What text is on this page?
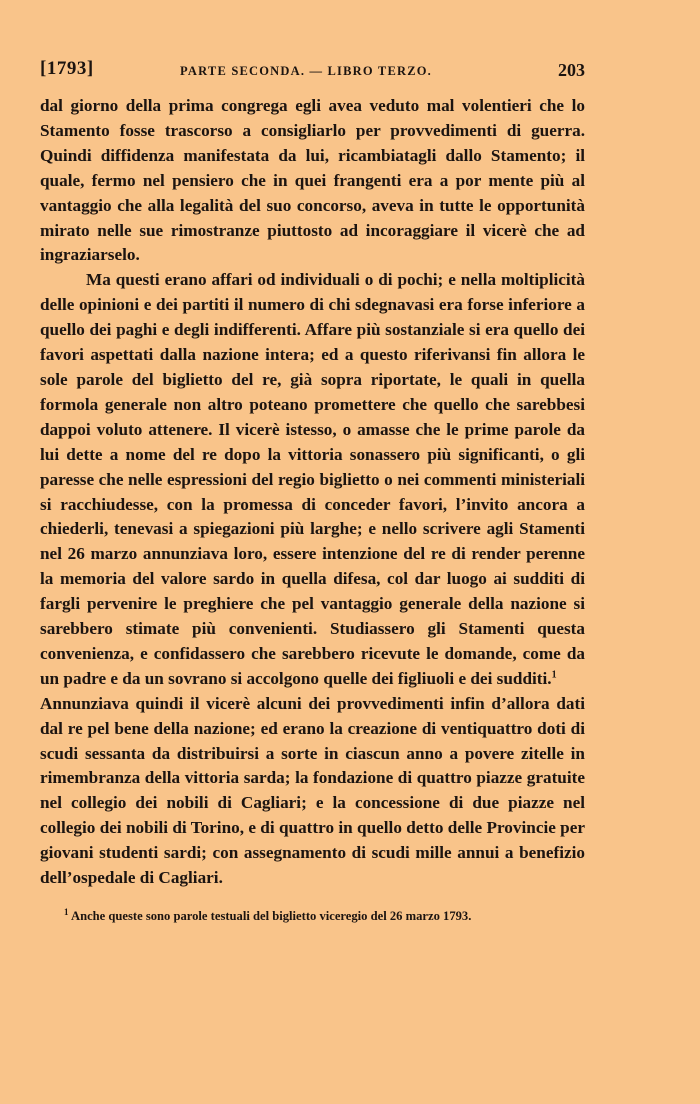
[1793]	PARTE SECONDA. — LIBRO TERZO.	203

dal giorno della prima congrega egli avea veduto mal volentieri che lo Stamento fosse trascorso a consigliarlo per provvedimenti di guerra. Quindi diffidenza manifestata da lui, ricambiatagli dallo Stamento; il quale, fermo nel pensiero che in quei frangenti era a por mente più al vantaggio che alla legalità del suo concorso, aveva in tutte le opportunità mirato nelle sue rimostranze piuttosto ad incoraggiare il vicerè che ad ingraziarselo.

Ma questi erano affari od individuali o di pochi; e nella moltiplicità delle opinioni e dei partiti il numero di chi sdegnavasi era forse inferiore a quello dei paghi e degli indifferenti. Affare più sostanziale si era quello dei favori aspettati dalla nazione intera; ed a questo riferivansi fin allora le sole parole del biglietto del re, già sopra riportate, le quali in quella formola generale non altro poteano promettere che quello che sarebbesi dappoi voluto attenere. Il vicerè istesso, o amasse che le prime parole da lui dette a nome del re dopo la vittoria sonassero più significanti, o gli paresse che nelle espressioni del regio biglietto o nei commenti ministeriali si racchiudesse, con la promessa di conceder favori, l’invito ancora a chiederli, tenevasi a spiegazioni più larghe; e nello scrivere agli Stamenti nel 26 marzo annunziava loro, essere intenzione del re di render perenne la memoria del valore sardo in quella difesa, col dar luogo ai sudditi di fargli pervenire le preghiere che pel vantaggio generale della nazione si sarebbero stimate più convenienti. Studiassero gli Stamenti questa convenienza, e confidassero che sarebbero ricevute le domande, come da un padre e da un sovrano si accolgono quelle dei figliuoli e dei sudditi.$^1$

Annunziava quindi il vicerè alcuni dei provvedimenti infin d’allora dati dal re pel bene della nazione; ed erano la creazione di ventiquattro doti di scudi sessanta da distribuirsi a sorte in ciascun anno a povere zitelle in rimembranza della vittoria sarda; la fondazione di quattro piazze gratuite nel collegio dei nobili di Cagliari; e la concessione di due piazze nel collegio dei nobili di Torino, e di quattro in quello detto delle Provincie per giovani studenti sardi; con assegnamento di scudi mille annui a benefizio dell’ospedale di Cagliari.

$^1$ Anche queste sono parole testuali del biglietto viceregio del 26 marzo 1793.
